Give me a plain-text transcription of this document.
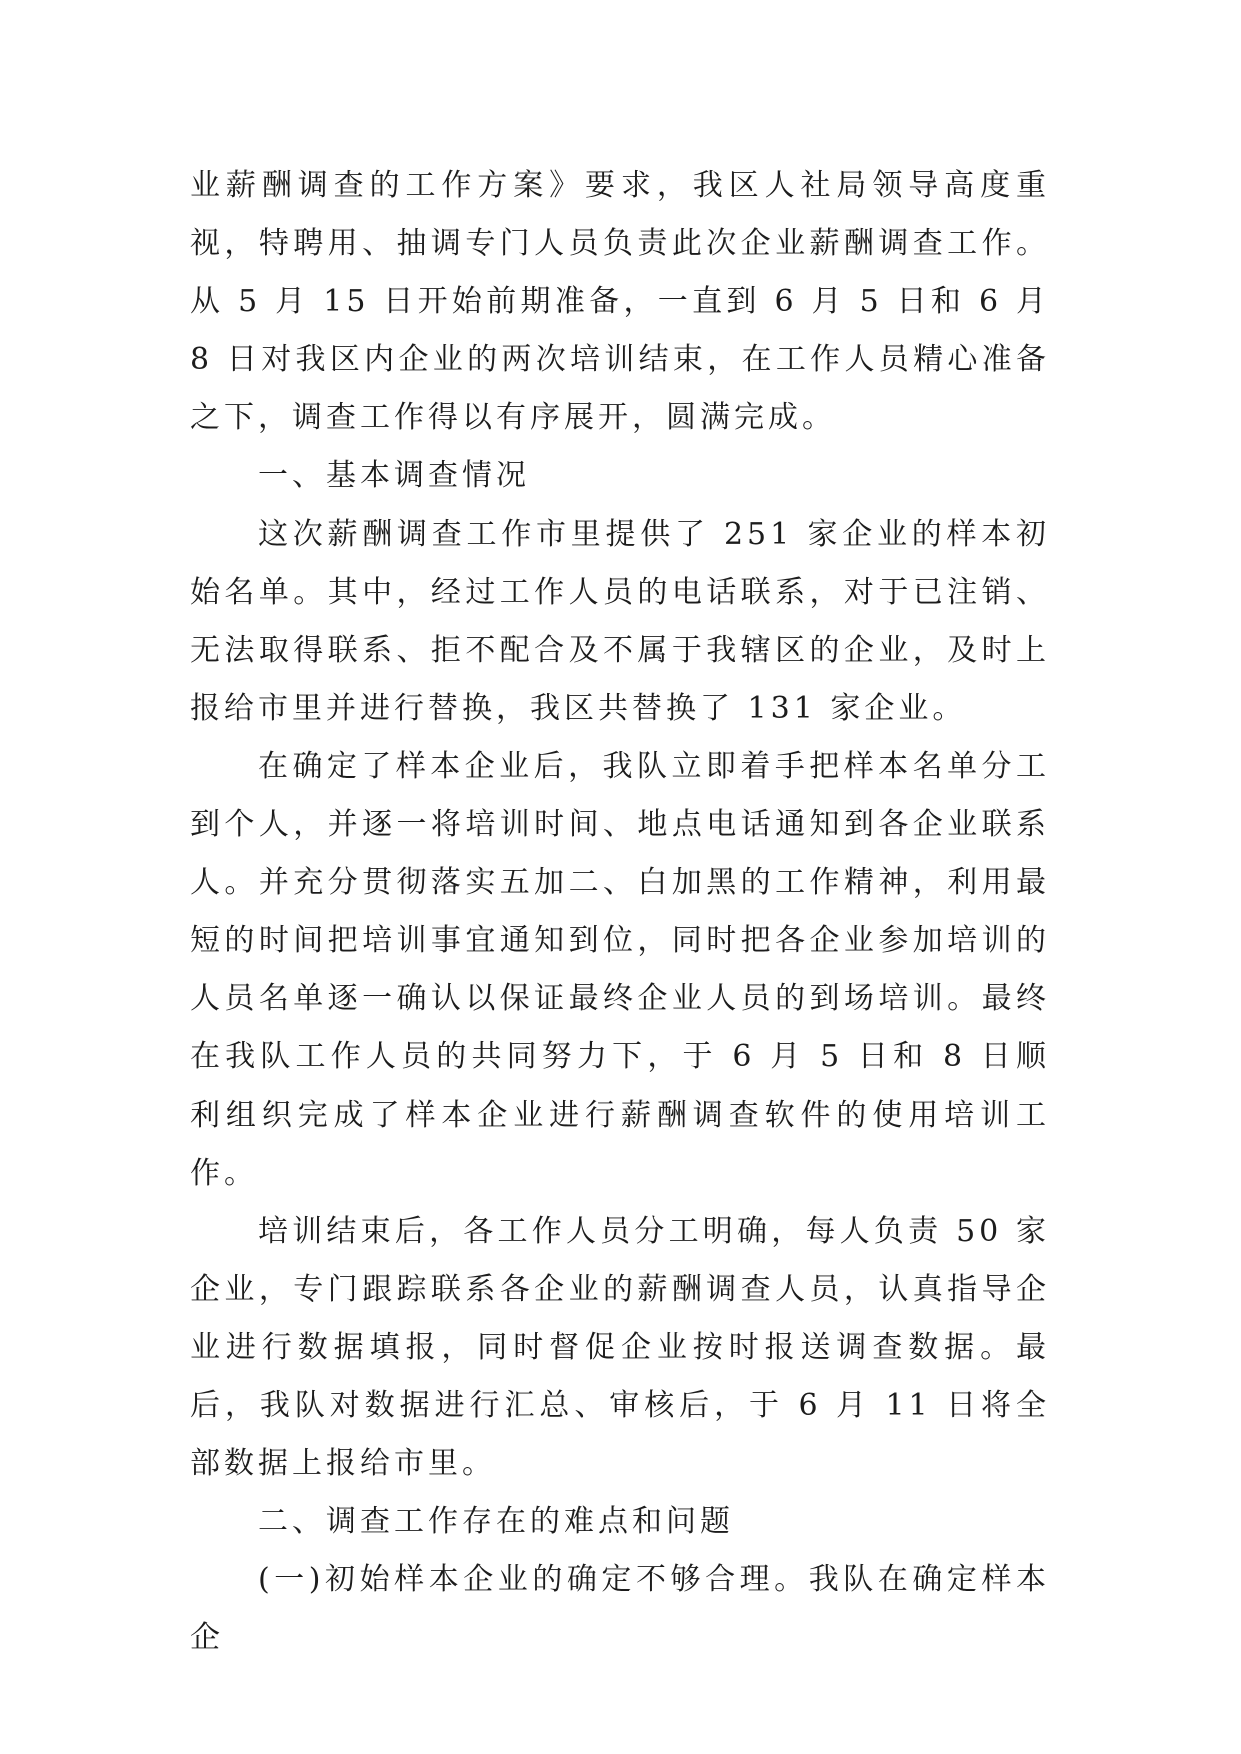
业薪酬调查的工作方案》要求，我区人社局领导高度重视，特聘用、抽调专门人员负责此次企业薪酬调查工作。从 5 月 15 日开始前期准备，一直到 6 月 5 日和 6 月 8 日对我区内企业的两次培训结束，在工作人员精心准备之下，调查工作得以有序展开，圆满完成。

一、基本调查情况

这次薪酬调查工作市里提供了 251 家企业的样本初始名单。其中，经过工作人员的电话联系，对于已注销、无法取得联系、拒不配合及不属于我辖区的企业，及时上报给市里并进行替换，我区共替换了 131 家企业。

在确定了样本企业后，我队立即着手把样本名单分工到个人，并逐一将培训时间、地点电话通知到各企业联系人。并充分贯彻落实五加二、白加黑的工作精神，利用最短的时间把培训事宜通知到位，同时把各企业参加培训的人员名单逐一确认以保证最终企业人员的到场培训。最终在我队工作人员的共同努力下，于 6 月 5 日和 8 日顺利组织完成了样本企业进行薪酬调查软件的使用培训工作。

培训结束后，各工作人员分工明确，每人负责 50 家企业，专门跟踪联系各企业的薪酬调查人员，认真指导企业进行数据填报，同时督促企业按时报送调查数据。最后，我队对数据进行汇总、审核后，于 6 月 11 日将全部数据上报给市里。

二、调查工作存在的难点和问题

(一)初始样本企业的确定不够合理。我队在确定样本企
